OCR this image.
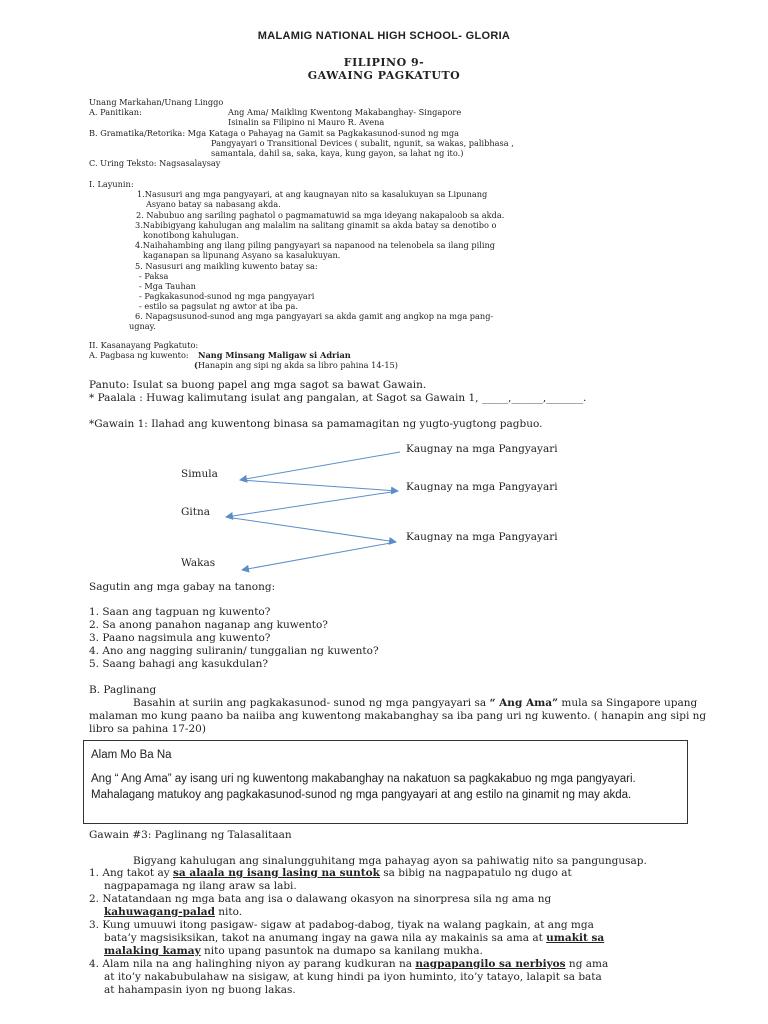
MALAMIG NATIONAL HIGH SCHOOL- GLORIA
FILIPINO 9-
GAWAING PAGKATUTO
Unang Markahan/Unang Linggo
A. Panitikan:	Ang Ama/ Maikling Kwentong Makabanghay- Singapore
Isinalin sa Filipino ni Mauro R. Avena
B. Gramatika/Retorika: Mga Kataga o Pahayag na Gamit sa Pagkakasunod-sunod ng mga
Pangyayari o Transitional Devices ( subalit, ngunit, sa wakas, palibhasa ,
samantala, dahil sa, saka, kaya, kung gayon, sa lahat ng ito.)
C. Uring Teksto: Nagsasalaysay
I. Layunin:
1.Nasusuri ang mga pangyayari, at ang kaugnayan nito sa kasalukuyan sa Lipunang
Asyano batay sa nabasang akda.
2. Nabubuo ang sariling paghatol o pagmamatuwid sa mga ideyang nakapaloob sa akda.
3.Nabibigyang kahulugan ang malalim na salitang ginamit sa akda batay sa denotibo o
konotibong kahulugan.
4.Naihahambing ang ilang piling pangyayari sa napanood na telenobela sa ilang piling
kaganapan sa lipunang Asyano sa kasalukuyan.
5. Nasusuri ang maikling kuwento batay sa:
- Paksa
- Mga Tauhan
- Pagkakasunod-sunod ng mga pangyayari
- estilo sa pagsulat ng awtor at iba pa.
6. Napagsusunod-sunod ang mga pangyayari sa akda gamit ang angkop na mga pang-
ugnay.
II. Kasanayang Pagkatuto:
A. Pagbasa ng kuwento: Nang Minsang Maligaw si Adrian
(Hanapin ang sipi ng akda sa libro pahina 14-15)
Panuto: Isulat sa buong papel ang mga sagot sa bawat Gawain.
* Paalala : Huwag kalimutang isulat ang pangalan, at Sagot sa Gawain 1, _____,______,_______.
*Gawain 1: Ilahad ang kuwentong binasa sa pamamagitan ng yugto-yugtong pagbuo.
Simula
Gitna
Wakas
Kaugnay na mga Pangyayari
Kaugnay na mga Pangyayari
Kaugnay na mga Pangyayari
Sagutin ang mga gabay na tanong:
1. Saan ang tagpuan ng kuwento?
2. Sa anong panahon naganap ang kuwento?
3. Paano nagsimula ang kuwento?
4. Ano ang nagging suliranin/ tunggalian ng kuwento?
5. Saang bahagi ang kasukdulan?
B. Paglinang
Basahin at suriin ang pagkakasunod- sunod ng mga pangyayari sa “ Ang Ama” mula sa Singapore upang
malaman mo kung paano ba naiiba ang kuwentong makabanghay sa iba pang uri ng kuwento. ( hanapin ang sipi ng
libro sa pahina 17-20)
Alam Mo Ba Na
Ang “ Ang Ama” ay isang uri ng kuwentong makabanghay na nakatuon sa pagkakabuo ng mga pangyayari. Mahalagang matukoy ang pagkakasunod-sunod ng mga pangyayari at ang estilo na ginamit ng may akda.
Gawain #3: Paglinang ng Talasalitaan
Bigyang kahulugan ang sinalungguhitang mga pahayag ayon sa pahiwatig nito sa pangungusap.
1. Ang takot ay sa alaala ng isang lasing na suntok sa bibig na nagpapatulo ng dugo at
nagpapamaga ng ilang araw sa labi.
2. Natatandaan ng mga bata ang isa o dalawang okasyon na sinorpresa sila ng ama ng
kahuwagang-palad nito.
3. Kung umuuwi itong pasigaw- sigaw at padabog-dabog, tiyak na walang pagkain, at ang mga
bata’y magsisiksikan, takot na anumang ingay na gawa nila ay makainis sa ama at umakit sa
malaking kamay nito upang pasuntok na dumapo sa kanilang mukha.
4. Alam nila na ang halinghing niyon ay parang kudkuran na nagpapangilo sa nerbiyos ng ama
at ito’y nakabubulahaw na sisigaw, at kung hindi pa iyon huminto, ito’y tatayo, lalapit sa bata
at hahampasin iyon ng buong lakas.
